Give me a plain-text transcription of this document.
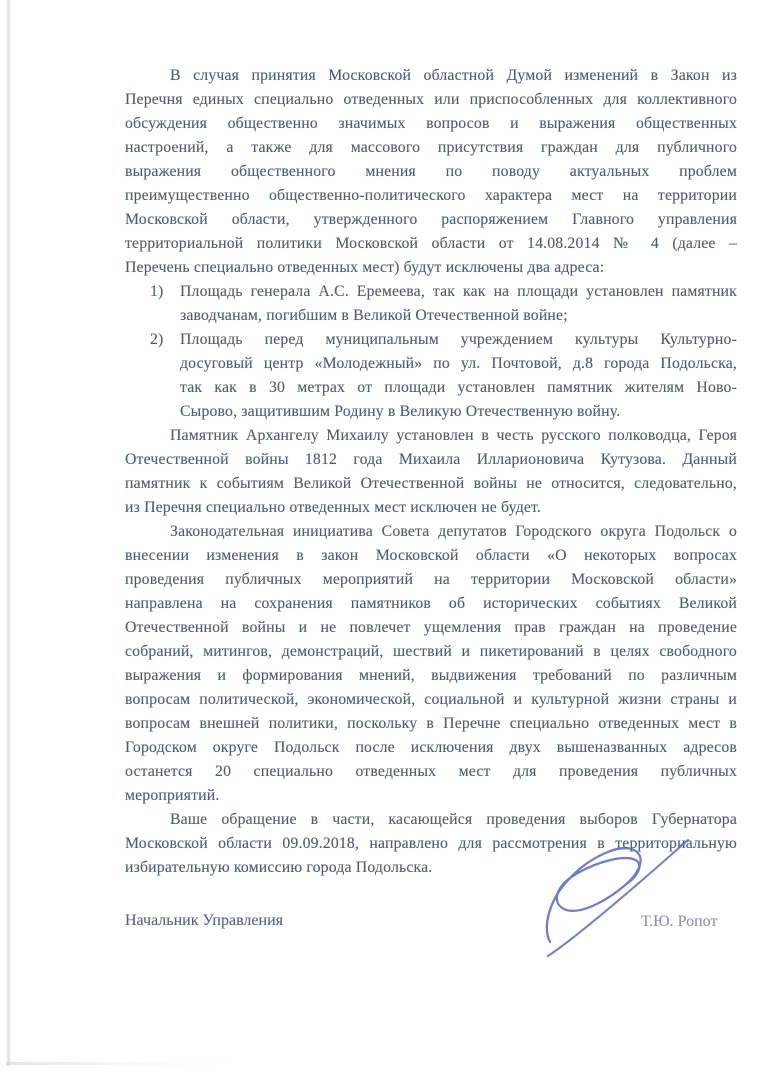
В случая принятия Московской областной Думой изменений в Закон из
Перечня единых специально отведенных или приспособленных для коллективного
обсуждения общественно значимых вопросов и выражения общественных
настроений, а также для массового присутствия граждан для публичного
выражения общественного мнения по поводу актуальных проблем
преимущественно общественно-политического характера мест на территории
Московской области, утвержденного распоряжением Главного управления
территориальной политики Московской области от 14.08.2014 № 4 (далее –
Перечень специально отведенных мест) будут исключены два адреса:
1)	Площадь генерала А.С. Еремеева, так как на площади установлен памятник
заводчанам, погибшим в Великой Отечественной войне;
2)	Площадь перед муниципальным учреждением культуры Культурно-
досуговый центр «Молодежный» по ул. Почтовой, д.8 города Подольска,
так как в 30 метрах от площади установлен памятник жителям Ново-
Сырово, защитившим Родину в Великую Отечественную войну.
Памятник Архангелу Михаилу установлен в честь русского полководца, Героя
Отечественной войны 1812 года Михаила Илларионовича Кутузова. Данный
памятник к событиям Великой Отечественной войны не относится, следовательно,
из Перечня специально отведенных мест исключен не будет.
Законодательная инициатива Совета депутатов Городского округа Подольск о
внесении изменения в закон Московской области «О некоторых вопросах
проведения публичных мероприятий на территории Московской области»
направлена на сохранения памятников об исторических событиях Великой
Отечественной войны и не повлечет ущемления прав граждан на проведение
собраний, митингов, демонстраций, шествий и пикетирований в целях свободного
выражения и формирования мнений, выдвижения требований по различным
вопросам политической, экономической, социальной и культурной жизни страны и
вопросам внешней политики, поскольку в Перечне специально отведенных мест в
Городском округе Подольск после исключения двух вышеназванных адресов
останется 20 специально отведенных мест для проведения публичных
мероприятий.
Ваше обращение в части, касающейся проведения выборов Губернатора
Московской области 09.09.2018, направлено для рассмотрения в территориальную
избирательную комиссию города Подольска.
Начальник Управления	Т.Ю. Ропот
